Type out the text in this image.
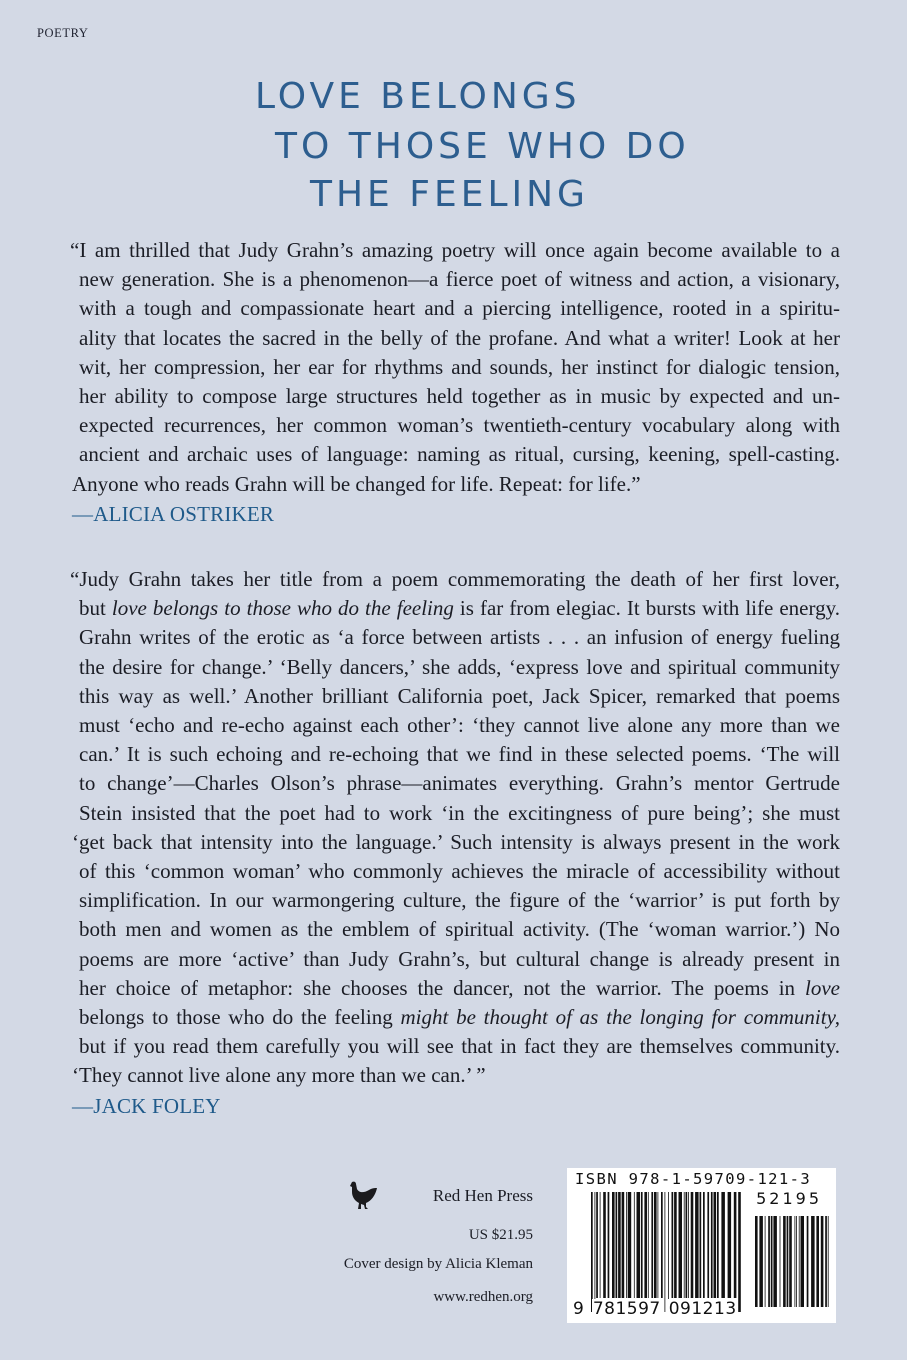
POETRY
LOVE BELONGS
TO THOSE WHO DO
THE FEELING
“I am thrilled that Judy Grahn’s amazing poetry will once again become available to a
new generation. She is a phenomenon—a fierce poet of witness and action, a visionary,
with a tough and compassionate heart and a piercing intelligence, rooted in a spiritu-
ality that locates the sacred in the belly of the profane. And what a writer! Look at her
wit, her compression, her ear for rhythms and sounds, her instinct for dialogic tension,
her ability to compose large structures held together as in music by expected and un-
expected recurrences, her common woman’s twentieth-century vocabulary along with
ancient and archaic uses of language: naming as ritual, cursing, keening, spell-casting.
Anyone who reads Grahn will be changed for life. Repeat: for life.”
—ALICIA OSTRIKER
“Judy Grahn takes her title from a poem commemorating the death of her first lover,
but love belongs to those who do the feeling is far from elegiac. It bursts with life energy.
Grahn writes of the erotic as ‘a force between artists . . . an infusion of energy fueling
the desire for change.’ ‘Belly dancers,’ she adds, ‘express love and spiritual community
this way as well.’ Another brilliant California poet, Jack Spicer, remarked that poems
must ‘echo and re-echo against each other’: ‘they cannot live alone any more than we
can.’ It is such echoing and re-echoing that we find in these selected poems. ‘The will
to change’—Charles Olson’s phrase—animates everything. Grahn’s mentor Gertrude
Stein insisted that the poet had to work ‘in the excitingness of pure being’; she must
‘get back that intensity into the language.’ Such intensity is always present in the work
of this ‘common woman’ who commonly achieves the miracle of accessibility without
simplification. In our warmongering culture, the figure of the ‘warrior’ is put forth by
both men and women as the emblem of spiritual activity. (The ‘woman warrior.’) No
poems are more ‘active’ than Judy Grahn’s, but cultural change is already present in
her choice of metaphor: she chooses the dancer, not the warrior. The poems in love
belongs to those who do the feeling might be thought of as the longing for community,
but if you read them carefully you will see that in fact they are themselves community.
‘They cannot live alone any more than we can.’ ”
—JACK FOLEY
Red Hen Press
US $21.95
Cover design by Alicia Kleman
www.redhen.org
ISBN 978-1-59709-121-3
52195
9 781597 091213
